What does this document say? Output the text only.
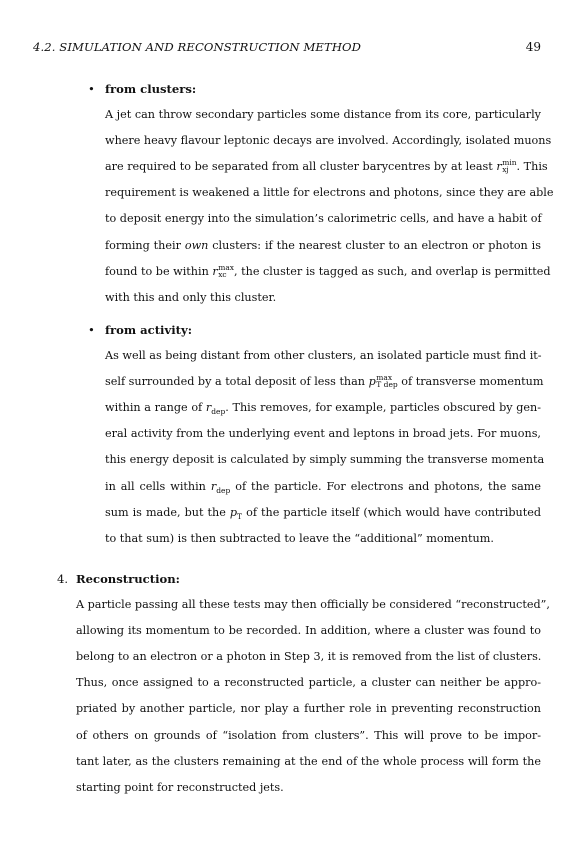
4.2. SIMULATION AND RECONSTRUCTION METHOD	49
• from clusters:
A jet can throw secondary particles some distance from its core, particularly
where heavy flavour leptonic decays are involved. Accordingly, isolated muons
are required to be separated from all cluster barycentres by at least r min
xj . This
requirement is weakened a little for electrons and photons, since they are able
to deposit energy into the simulation’s calorimetric cells, and have a habit of
forming their own clusters: if the nearest cluster to an electron or photon is
found to be within r max
xc , the cluster is tagged as such, and overlap is permitted
with this and only this cluster.
• from activity:
As well as being distant from other clusters, an isolated particle must find it-
self surrounded by a total deposit of less than p max
T dep of transverse momentum
within a range of $r_{dep}$. This removes, for example, particles obscured by gen-
eral activity from the underlying event and leptons in broad jets. For muons,
this energy deposit is calculated by simply summing the transverse momenta
in all cells within $r_{dep}$ of the particle. For electrons and photons, the same
sum is made, but the $p_T$ of the particle itself (which would have contributed
to that sum) is then subtracted to leave the “additional” momentum.
4. Reconstruction:
A particle passing all these tests may then officially be considered “reconstructed”,
allowing its momentum to be recorded. In addition, where a cluster was found to
belong to an electron or a photon in Step 3, it is removed from the list of clusters.
Thus, once assigned to a reconstructed particle, a cluster can neither be appro-
priated by another particle, nor play a further role in preventing reconstruction
of others on grounds of “isolation from clusters”. This will prove to be impor-
tant later, as the clusters remaining at the end of the whole process will form the
starting point for reconstructed jets.
